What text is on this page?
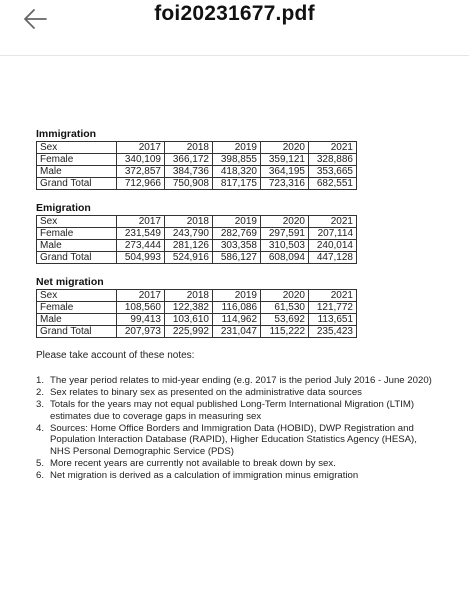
foi20231677.pdf
Immigration
Sex	2017	2018	2019	2020	2021
Female	340,109	366,172	398,855	359,121	328,886
Male	372,857	384,736	418,320	364,195	353,665
Grand Total	712,966	750,908	817,175	723,316	682,551
Emigration
Sex	2017	2018	2019	2020	2021
Female	231,549	243,790	282,769	297,591	207,114
Male	273,444	281,126	303,358	310,503	240,014
Grand Total	504,993	524,916	586,127	608,094	447,128
Net migration
Sex	2017	2018	2019	2020	2021
Female	108,560	122,382	116,086	61,530	121,772
Male	99,413	103,610	114,962	53,692	113,651
Grand Total	207,973	225,992	231,047	115,222	235,423
Please take account of these notes:
1. The year period relates to mid-year ending (e.g. 2017 is the period July 2016 - June 2020)
2. Sex relates to binary sex as presented on the administrative data sources
3. Totals for the years may not equal published Long-Term International Migration (LTIM) estimates due to coverage gaps in measuring sex
4. Sources: Home Office Borders and Immigration Data (HOBID), DWP Registration and Population Interaction Database (RAPID), Higher Education Statistics Agency (HESA), NHS Personal Demographic Service (PDS)
5. More recent years are currently not available to break down by sex.
6. Net migration is derived as a calculation of immigration minus emigration
